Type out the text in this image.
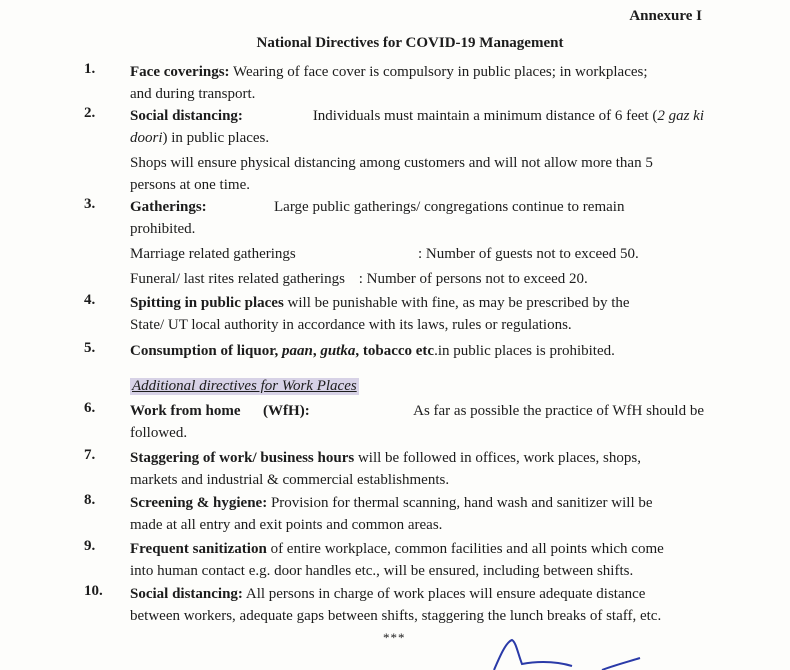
Annexure I
National Directives for COVID-19 Management
1. Face coverings: Wearing of face cover is compulsory in public places; in workplaces;
and during transport.
2. Social distancing:	Individuals must maintain a minimum distance of 6 feet (2 gaz ki
doori) in public places.
Shops will ensure physical distancing among customers and will not allow more than 5
persons at one time.
3. Gatherings:	Large public gatherings/ congregations continue to remain
prohibited.
Marriage related gatherings	: Number of guests not to exceed 50.
Funeral/ last rites related gatherings : Number of persons not to exceed 20.
4. Spitting in public places will be punishable with fine, as may be prescribed by the
State/ UT local authority in accordance with its laws, rules or regulations.
5. Consumption of liquor, paan, gutka, tobacco etc.in public places is prohibited.
Additional directives for Work Places
6. Work from home (WfH):	As far as possible the practice of WfH should be
followed.
7. Staggering of work/ business hours will be followed in offices, work places, shops,
markets and industrial & commercial establishments.
8. Screening & hygiene: Provision for thermal scanning, hand wash and sanitizer will be
made at all entry and exit points and common areas.
9. Frequent sanitization of entire workplace, common facilities and all points which come
into human contact e.g. door handles etc., will be ensured, including between shifts.
10. Social distancing: All persons in charge of work places will ensure adequate distance
between workers, adequate gaps between shifts, staggering the lunch breaks of staff, etc.
***
